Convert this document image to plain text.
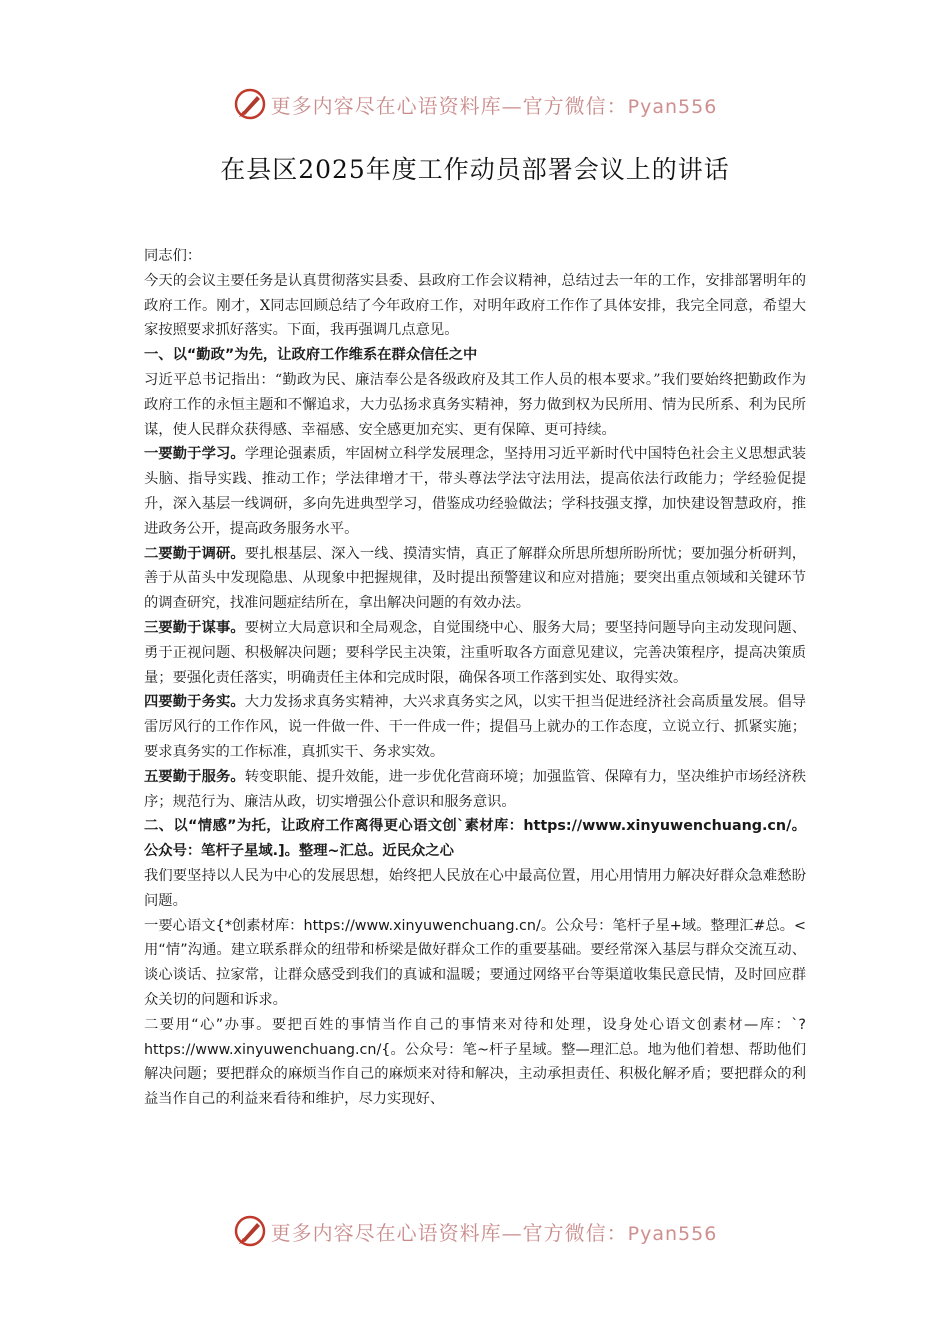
更多内容尽在心语资料库—官方微信：Pyan556
在县区2025年度工作动员部署会议上的讲话

同志们：

今天的会议主要任务是认真贯彻落实县委、县政府工作会议精神，总结过去一年的工作，安排部署明年的政府工作。刚才，X同志回顾总结了今年政府工作，对明年政府工作作了具体安排，我完全同意，希望大家按照要求抓好落实。下面，我再强调几点意见。

一、以“勤政”为先，让政府工作维系在群众信任之中

习近平总书记指出：“勤政为民、廉洁奉公是各级政府及其工作人员的根本要求。”我们要始终把勤政作为政府工作的永恒主题和不懈追求，大力弘扬求真务实精神，努力做到权为民所用、情为民所系、利为民所谋，使人民群众获得感、幸福感、安全感更加充实、更有保障、更可持续。

一要勤于学习。学理论强素质，牢固树立科学发展理念，坚持用习近平新时代中国特色社会主义思想武装头脑、指导实践、推动工作；学法律增才干，带头尊法学法守法用法，提高依法行政能力；学经验促提升，深入基层一线调研，多向先进典型学习，借鉴成功经验做法；学科技强支撑，加快建设智慧政府，推进政务公开，提高政务服务水平。

二要勤于调研。要扎根基层、深入一线、摸清实情，真正了解群众所思所想所盼所忧；要加强分析研判，善于从苗头中发现隐患、从现象中把握规律，及时提出预警建议和应对措施；要突出重点领域和关键环节的调查研究，找准问题症结所在，拿出解决问题的有效办法。

三要勤于谋事。要树立大局意识和全局观念，自觉围绕中心、服务大局；要坚持问题导向主动发现问题、勇于正视问题、积极解决问题；要科学民主决策，注重听取各方面意见建议，完善决策程序，提高决策质量；要强化责任落实，明确责任主体和完成时限，确保各项工作落到实处、取得实效。

四要勤于务实。大力发扬求真务实精神，大兴求真务实之风，以实干担当促进经济社会高质量发展。倡导雷厉风行的工作作风，说一件做一件、干一件成一件；提倡马上就办的工作态度，立说立行、抓紧实施；要求真务实的工作标准，真抓实干、务求实效。

五要勤于服务。转变职能、提升效能，进一步优化营商环境；加强监管、保障有力，坚决维护市场经济秩序；规范行为、廉洁从政，切实增强公仆意识和服务意识。

二、以“情感”为托，让政府工作离得更心语文创`素材库：https://www.xinyuwenchuang.cn/。公众号：笔杆子星域.]。整理~汇总。近民众之心

我们要坚持以人民为中心的发展思想，始终把人民放在心中最高位置，用心用情用力解决好群众急难愁盼问题。

一要心语文{*创素材库：https://www.xinyuwenchuang.cn/。公众号：笔杆子星+域。整理汇#总。<用“情”沟通。建立联系群众的纽带和桥梁是做好群众工作的重要基础。要经常深入基层与群众交流互动、谈心谈话、拉家常，让群众感受到我们的真诚和温暖；要通过网络平台等渠道收集民意民情，及时回应群众关切的问题和诉求。

二要用“心”办事。要把百姓的事情当作自己的事情来对待和处理，设身处心语文创素材—库：`?https://www.xinyuwenchuang.cn/{。公众号：笔~杆子星域。整—理汇总。地为他们着想、帮助他们解决问题；要把群众的麻烦当作自己的麻烦来对待和解决，主动承担责任、积极化解矛盾；要把群众的利益当作自己的利益来看待和维护，尽力实现好、

更多内容尽在心语资料库—官方微信：Pyan556
